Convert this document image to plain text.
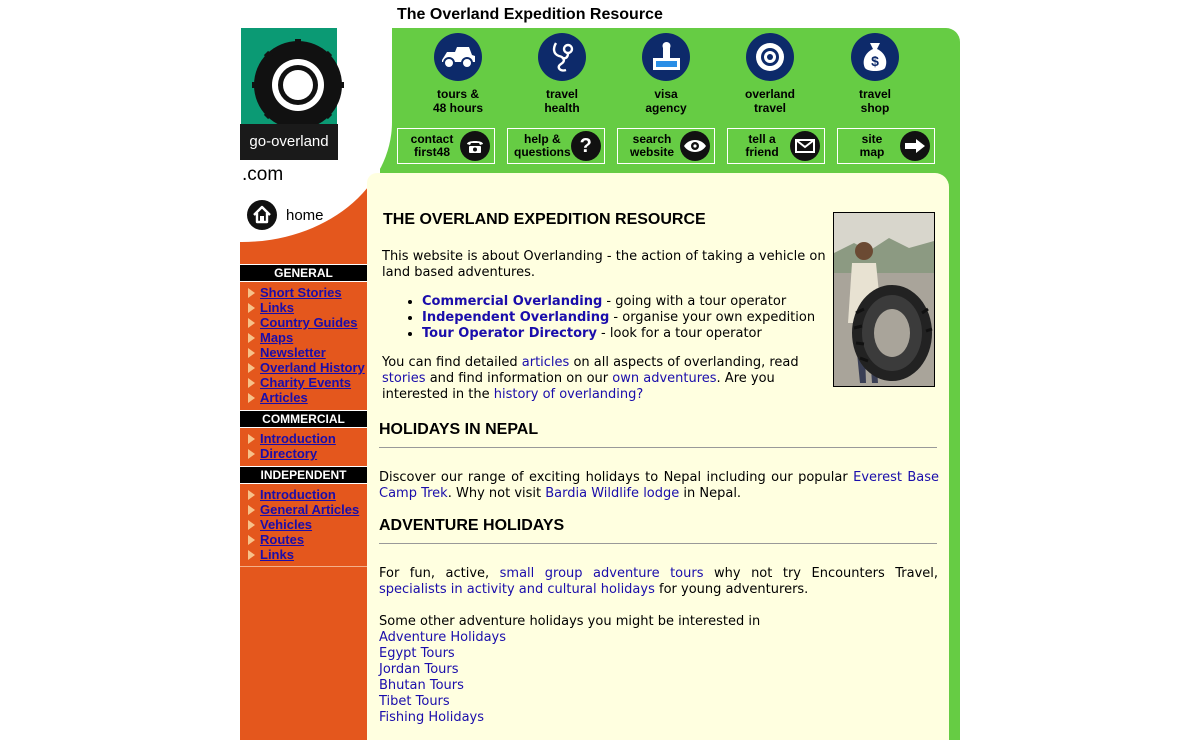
The Overland Expedition Resource
go-overland
.com
home
tours &
48 hours
travel
health
visa
agency
overland
travel
$
travel
shop
contact
first48
help &
questions ?	search
website
tell a
friend
site
map
GENERAL
Short Stories
Links
Country Guides
Maps
Newsletter
Overland History
Charity Events
Articles
COMMERCIAL
Introduction
Directory
INDEPENDENT
Introduction
General Articles
Vehicles
Routes
Links
THE OVERLAND EXPEDITION RESOURCE
This website is about Overlanding - the action of taking a vehicle on land based adventures.
• Commercial Overlanding - going with a tour operator
• Independent Overlanding - organise your own expedition
• Tour Operator Directory - look for a tour operator
You can find detailed articles on all aspects of overlanding, read stories and find information on our own adventures. Are you interested in the history of overlanding?
HOLIDAYS IN NEPAL
Discover our range of exciting holidays to Nepal including our popular Everest Base Camp Trek. Why not visit Bardia Wildlife lodge in Nepal.
ADVENTURE HOLIDAYS
For fun, active, small group adventure tours why not try Encounters Travel, specialists in activity and cultural holidays for young adventurers.
Some other adventure holidays you might be interested in
Adventure Holidays
Egypt Tours
Jordan Tours
Bhutan Tours
Tibet Tours
Fishing Holidays
